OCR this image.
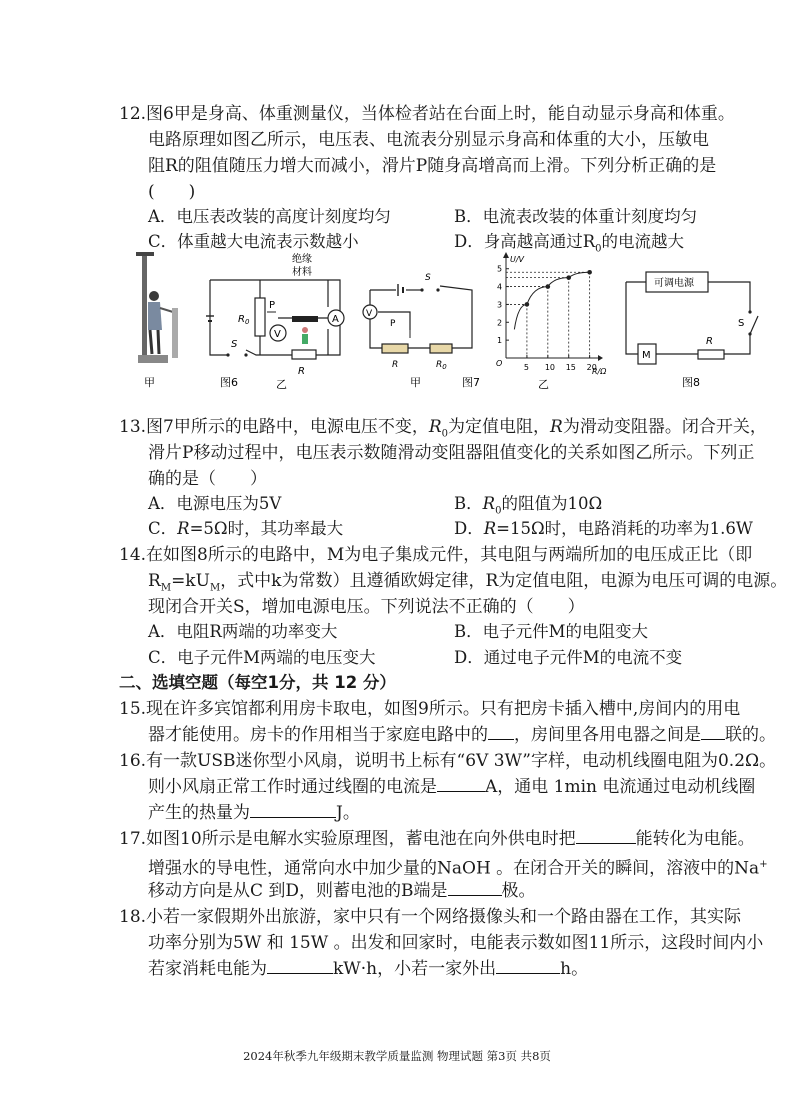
12.图6甲是身高、体重测量仪，当体检者站在台面上时，能自动显示身高和体重。
电路原理如图乙所示，电压表、电流表分别显示身高和体重的大小，压敏电
阻R的阻值随压力增大而减小，滑片P随身高增高而上滑。下列分析正确的是
(　　)
A．电压表改装的高度计刻度均匀	B．电流表改装的体重计刻度均匀
C．体重越大电流表示数越小	D．身高越高通过$R_0$的电流越大
甲
S
$R_0$
P
V
绝缘
材料
R
A
图6	乙
S
V
P
R	$R_0$
甲	图7
U/V
R/Ω
O	5 10 15 20
1
2
3
4
5
乙
可调电源
S
M
R
图8
13.图7甲所示的电路中，电源电压不变，$R_0$为定值电阻，R为滑动变阻器。闭合开关，
滑片P移动过程中，电压表示数随滑动变阻器阻值变化的关系如图乙所示。下列正
确的是（　　）
A．电源电压为5V	B．$R_0$的阻值为10Ω
C．R=5Ω时，其功率最大	D．R=15Ω时，电路消耗的功率为1.6W
14.在如图8所示的电路中，M为电子集成元件，其电阻与两端所加的电压成正比（即
$R_M=kU_M$，式中k为常数）且遵循欧姆定律，R为定值电阻，电源为电压可调的电源。
现闭合开关S，增加电源电压。下列说法不正确的（　　）
A．电阻R两端的功率变大	B．电子元件M的电阻变大
C．电子元件M两端的电压变大	D．通过电子元件M的电流不变
二、选填空题（每空1分，共 12 分）
15.现在许多宾馆都利用房卡取电，如图9所示。只有把房卡插入槽中,房间内的用电
器才能使用。房卡的作用相当于家庭电路中的 ，房间里各用电器之间是 联的。
16.有一款USB迷你型小风扇，说明书上标有“6V 3W”字样，电动机线圈电阻为0.2Ω。
则小风扇正常工作时通过线圈的电流是	A，通电 1min 电流通过电动机线圈
产生的热量为	J。
17.如图10所示是电解水实验原理图，蓄电池在向外供电时把	能转化为电能。
增强水的导电性，通常向水中加少量的NaOH 。在闭合开关的瞬间，溶液中的Na+
移动方向是从C 到D，则蓄电池的B端是	极。
18.小若一家假期外出旅游，家中只有一个网络摄像头和一个路由器在工作，其实际
功率分别为5W 和 15W 。出发和回家时，电能表示数如图11所示，这段时间内小
若家消耗电能为	kW·h，小若一家外出	h。
2024年秋季九年级期末教学质量监测 物理试题 第3页 共8页
